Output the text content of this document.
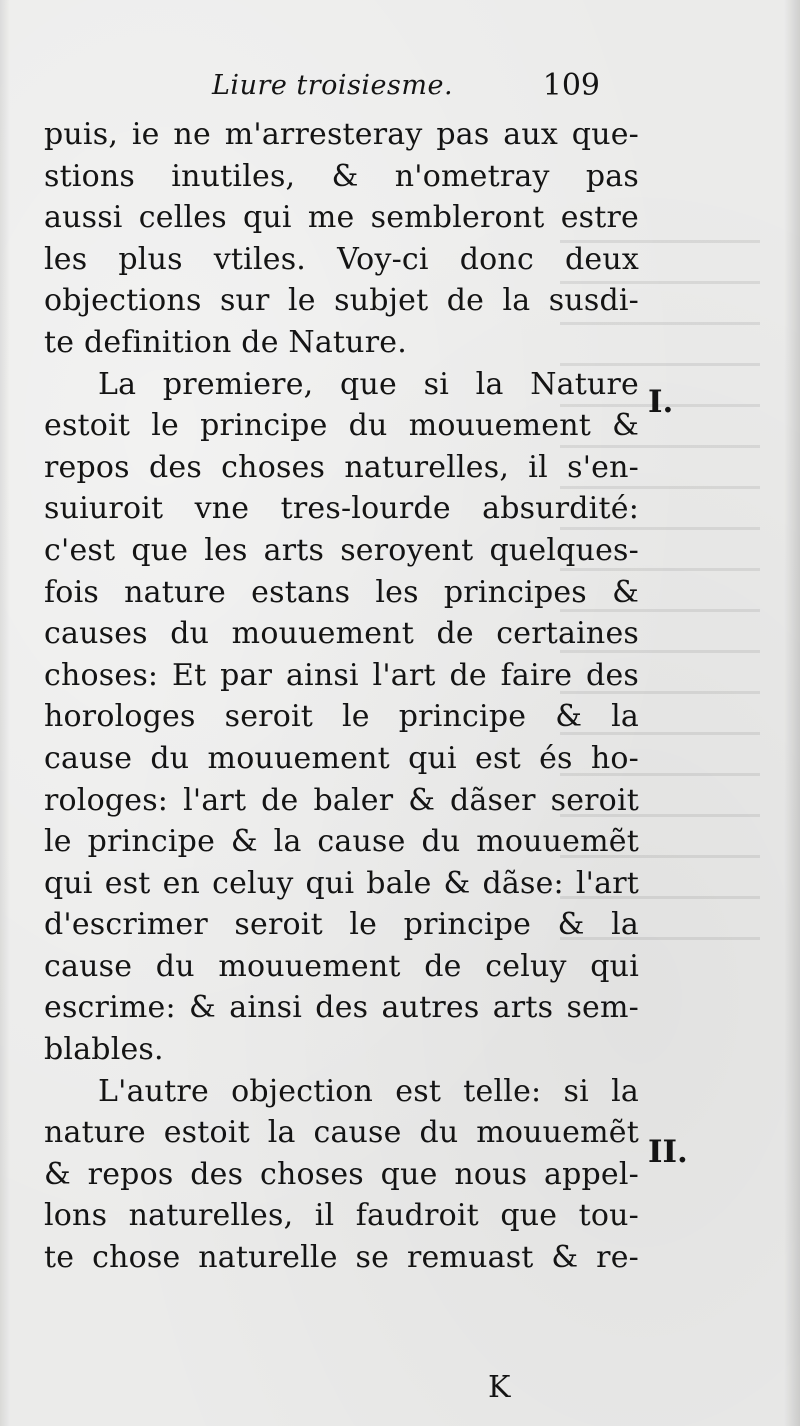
Liure troisiesme.	109
puis, ie ne m'arresteray pas aux que-
stions inutiles, & n'ometray pas
aussi celles qui me sembleront estre
les plus vtiles. Voy-ci donc deux
objections sur le subjet de la susdi-
te definition de Nature.
La premiere, que si la Nature
estoit le principe du mouuement &
repos des choses naturelles, il s'en-
suiuroit vne tres-lourde absurdité:
c'est que les arts seroyent quelques-
fois nature estans les principes &
causes du mouuement de certaines
choses: Et par ainsi l'art de faire des
horologes seroit le principe & la
cause du mouuement qui est és ho-
rologes: l'art de baler & dãser seroit
le principe & la cause du mouuemẽt
qui est en celuy qui bale & dãse: l'art
d'escrimer seroit le principe & la
cause du mouuement de celuy qui
escrime: & ainsi des autres arts sem-
blables.
L'autre objection est telle: si la
nature estoit la cause du mouuemẽt
& repos des choses que nous appel-
lons naturelles, il faudroit que tou-
te chose naturelle se remuast & re-
I.
II.
K
